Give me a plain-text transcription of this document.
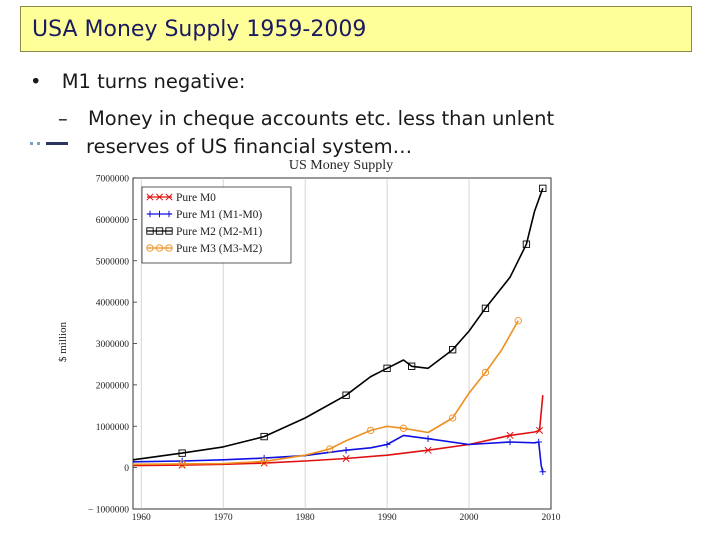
USA Money Supply 1959-2009
• M1 turns negative:
– Money in cheque accounts etc. less than unlent
reserves of US financial system…
US Money Supply
$ million
7000000
6000000
5000000
4000000
3000000
2000000
1000000
0
− 1000000
1960	1970	1980	1990	2000	2010
Pure M0
Pure M1 (M1-M0)
Pure M2 (M2-M1)
Pure M3 (M3-M2)
